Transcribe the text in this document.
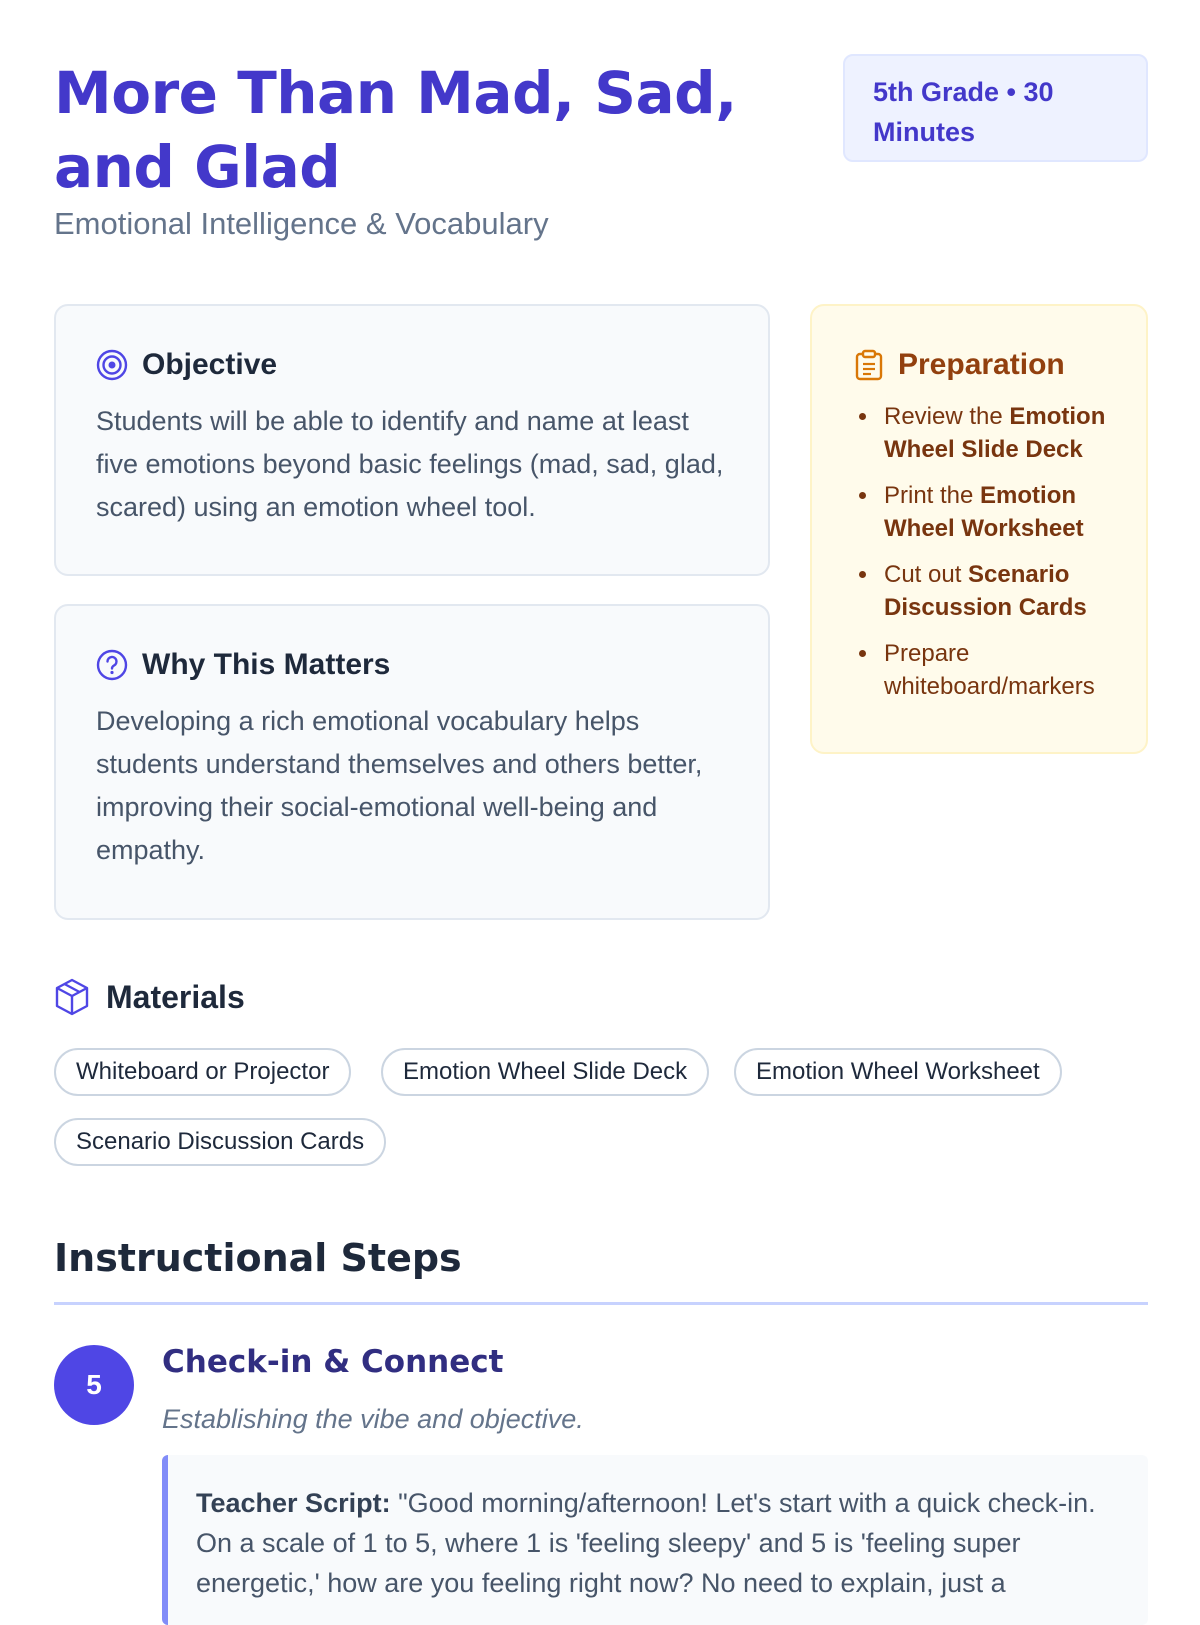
More Than Mad, Sad, and Glad

Emotional Intelligence & Vocabulary

5th Grade • 30 Minutes
Objective

Students will be able to identify and name at least five emotions beyond basic feelings (mad, sad, glad, scared) using an emotion wheel tool.

Why This Matters

Developing a rich emotional vocabulary helps students understand themselves and others better, improving their social-emotional well-being and empathy.

Preparation
• Review the Emotion Wheel Slide Deck
• Print the Emotion Wheel Worksheet
• Cut out Scenario Discussion Cards
• Prepare whiteboard/markers
Materials
Whiteboard or Projector	Emotion Wheel Slide Deck	Emotion Wheel Worksheet
Scenario Discussion Cards
Instructional Steps
5
Check-in & Connect

Establishing the vibe and objective.

Teacher Script: "Good morning/afternoon! Let's start with a quick check-in. On a scale of 1 to 5, where 1 is 'feeling sleepy' and 5 is 'feeling super energetic,' how are you feeling right now? No need to explain, just a
